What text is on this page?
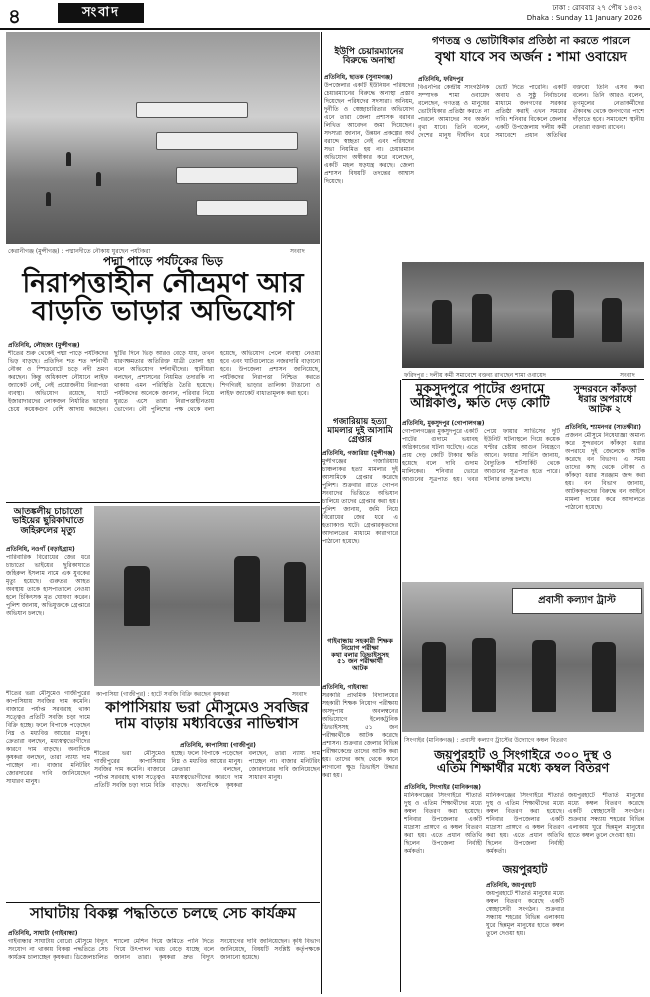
৪	সংবাদ	ঢাকা : রোববার ২৭ পৌষ ১৪৩২
Dhaka : Sunday 11 January 2026
কেরানীগঞ্জ (মুন্সীগঞ্জ) : পদ্মানদীতে নৌকায় ঘুরছেন পর্যটকরা	সংবাদ
পদ্মা পাড়ে পর্যটকের ভিড়
নিরাপত্তাহীন নৌভ্রমণ আর
বাড়তি ভাড়ার অভিযোগ
প্রতিনিধি, লৌহজং (মুন্সীগঞ্জ)
শীতের শুরু থেকেই পদ্মা পাড়ে পর্যটকদের ভিড় বাড়ছে। প্রতিদিন শত শত দর্শনার্থী নৌকা ও স্পিডবোটে চড়ে নদী ভ্রমণ করছেন। কিন্তু অধিকাংশ নৌযানে লাইফ জ্যাকেট নেই, নেই প্রয়োজনীয় নিরাপত্তা ব্যবস্থা। অভিযোগ রয়েছে, ঘাটে ইজারাদারদের লোকজন নির্ধারিত ভাড়ার চেয়ে কয়েকগুণ বেশি আদায় করছেন। ছুটির দিনে ভিড় আরও বেড়ে যায়, তখন ধারণক্ষমতার অতিরিক্ত যাত্রী তোলা হয় বলে অভিযোগ দর্শনার্থীদের। স্থানীয়রা বলছেন, প্রশাসনের নিয়মিত তদারকি না থাকায় এমন পরিস্থিতি তৈরি হয়েছে। পর্যটকদের অনেকে জানান, পরিবার নিয়ে ঘুরতে এসে তারা নিরাপত্তাহীনতায় ভোগেন। নৌ পুলিশের পক্ষ থেকে বলা হয়েছে, অভিযোগ পেলে ব্যবস্থা নেওয়া হবে এবং ঘাটগুলোতে নজরদারি বাড়ানো হবে। উপজেলা প্রশাসন জানিয়েছে, পর্যটকদের নিরাপত্তা নিশ্চিত করতে শিগগিরই ভাড়ার তালিকা টাঙানো ও লাইফ জ্যাকেট বাধ্যতামূলক করা হবে।
ইউপি চেয়ারম্যানের
বিরুদ্ধে অনাস্থা
প্রতিনিধি, ছাতক (সুনামগঞ্জ)
উপজেলার একটি ইউনিয়ন পরিষদের চেয়ারম্যানের বিরুদ্ধে অনাস্থা প্রস্তাব দিয়েছেন পরিষদের সদস্যরা। অনিয়ম, দুর্নীতি ও স্বেচ্ছাচারিতার অভিযোগ এনে তারা জেলা প্রশাসক বরাবর লিখিত আবেদন জমা দিয়েছেন। সদস্যরা জানান, উন্নয়ন প্রকল্পের অর্থ বরাদ্দে স্বচ্ছতা নেই এবং পরিষদের সভা নিয়মিত হয় না। চেয়ারম্যান অভিযোগ অস্বীকার করে বলেছেন, একটি মহল ষড়যন্ত্র করছে। জেলা প্রশাসন বিষয়টি তদন্তের আশ্বাস দিয়েছে।
গণতন্ত্র ও ভোটাধিকার প্রতিষ্ঠা না করতে পারলে
বৃথা যাবে সব অর্জন : শামা ওবায়েদ
প্রতিনিধি, ফরিদপুর
বিএনপির কেন্দ্রীয় সাংগঠনিক সম্পাদক শামা ওবায়েদ বলেছেন, গণতন্ত্র ও মানুষের ভোটাধিকার প্রতিষ্ঠা করতে না পারলে আমাদের সব অর্জন বৃথা যাবে। তিনি বলেন, দেশের মানুষ দীর্ঘদিন ধরে ভোট দিতে পারেনি। একটি অবাধ ও সুষ্ঠু নির্বাচনের মাধ্যমে জনগণের সরকার প্রতিষ্ঠা করাই এখন সময়ের দাবি। শনিবার বিকেলে জেলার একটি উপজেলায় দলীয় কর্মী সমাবেশে প্রধান অতিথির বক্তব্যে তিনি এসব কথা বলেন। তিনি আরও বলেন, তৃণমূলের নেতাকর্মীদের ঐক্যবদ্ধ থেকে জনগণের পাশে দাঁড়াতে হবে। সমাবেশে স্থানীয় নেতারা বক্তব্য রাখেন।
ফরিদপুর : দলীয় কর্মী সমাবেশে বক্তব্য রাখছেন শামা ওবায়েদ	সংবাদ
মুকসুদপুরে পাটের গুদামে
অগ্নিকাণ্ড, ক্ষতি দেড় কোটি
প্রতিনিধি, মুকসুদপুর (গোপালগঞ্জ)
গোপালগঞ্জের মুকসুদপুরে একটি পাটের গুদামে ভয়াবহ অগ্নিকাণ্ডের ঘটনা ঘটেছে। এতে প্রায় দেড় কোটি টাকার ক্ষতি হয়েছে বলে দাবি গুদাম মালিকের। শনিবার ভোরে আগুনের সূত্রপাত হয়। খবর পেয়ে ফায়ার সার্ভিসের দুটি ইউনিট ঘটনাস্থলে গিয়ে কয়েক ঘণ্টার চেষ্টায় আগুন নিয়ন্ত্রণে আনে। ফায়ার সার্ভিস জানায়, বৈদ্যুতিক শর্টসার্কিট থেকে আগুনের সূত্রপাত হতে পারে। ঘটনার তদন্ত চলছে।
সুন্দরবনে কাঁকড়া
ধরার অপরাধে
আটক ২
প্রতিনিধি, শ্যামনগর (সাতক্ষীরা)
প্রজনন মৌসুমে নিষেধাজ্ঞা অমান্য করে সুন্দরবনে কাঁকড়া ধরার অপরাধে দুই জেলেকে আটক করেছে বন বিভাগ। এ সময় তাদের কাছ থেকে নৌকা ও কাঁকড়া ধরার সরঞ্জাম জব্দ করা হয়। বন বিভাগ জানায়, আটককৃতদের বিরুদ্ধে বন আইনে মামলা দায়ের করে আদালতে পাঠানো হয়েছে।
গজারিয়ায় হত্যা
মামলার দুই আসামি
গ্রেপ্তার
প্রতিনিধি, গজারিয়া (মুন্সীগঞ্জ)
মুন্সীগঞ্জের গজারিয়ায় চাঞ্চল্যকর হত্যা মামলার দুই আসামিকে গ্রেপ্তার করেছে পুলিশ। শুক্রবার রাতে গোপন সংবাদের ভিত্তিতে অভিযান চালিয়ে তাদের গ্রেপ্তার করা হয়। পুলিশ জানায়, জমি নিয়ে বিরোধের জের ধরে এ হত্যাকাণ্ড ঘটে। গ্রেপ্তারকৃতদের আদালতের মাধ্যমে কারাগারে পাঠানো হয়েছে।
গাইবান্ধায় সহকারী শিক্ষক
নিয়োগ পরীক্ষা
কথা বলার ডিভাইসসহ
৫১ জন পরীক্ষার্থী
আটক
প্রতিনিধি, গাইবান্ধা
সরকারি প্রাথমিক বিদ্যালয়ের সহকারী শিক্ষক নিয়োগ পরীক্ষায় অসদুপায় অবলম্বনের অভিযোগে ইলেকট্রনিক ডিভাইসসহ ৫১ জন পরীক্ষার্থীকে আটক করেছে প্রশাসন। শুক্রবার জেলার বিভিন্ন পরীক্ষাকেন্দ্রে তাদের আটক করা হয়। তাদের কাছ থেকে কানে লাগানো ক্ষুদ্র ডিভাইস উদ্ধার করা হয়।
আতঙ্কলীয় চাচাতো
ভাইয়ের ছুরিকাঘাতে
জহিরুলের মৃত্যু
প্রতিনিধি, নওগাঁ (বড়াইগ্রাম)
পারিবারিক বিরোধের জের ধরে চাচাতো ভাইয়ের ছুরিকাঘাতে জহিরুল ইসলাম নামে এক যুবকের মৃত্যু হয়েছে। গুরুতর আহত অবস্থায় তাকে হাসপাতালে নেওয়া হলে চিকিৎসক মৃত ঘোষণা করেন। পুলিশ জানায়, অভিযুক্তকে গ্রেপ্তারে অভিযান চলছে।
কাপাসিয়া (গাজীপুর) : হাটে সবজি বিক্রি করছেন কৃষকরা	সংবাদ
কাপাসিয়ায় ভরা মৌসুমেও সবজির
দাম বাড়ায় মধ্যবিত্তের নাভিশ্বাস
প্রতিনিধি, কাপাসিয়া (গাজীপুর)
শীতের ভরা মৌসুমেও গাজীপুরের কাপাসিয়ায় সবজির দাম কমেনি। বাজারে পর্যাপ্ত সরবরাহ থাকা সত্ত্বেও প্রতিটি সবজি চড়া দামে বিক্রি হচ্ছে। ফলে বিপাকে পড়েছেন নিম্ন ও মধ্যবিত্ত আয়ের মানুষ। ক্রেতারা বলছেন, মধ্যস্বত্বভোগীদের কারণে দাম বাড়ছে। অন্যদিকে কৃষকরা বলছেন, তারা ন্যায্য দাম পাচ্ছেন না। বাজার মনিটরিং জোরদারের দাবি জানিয়েছেন সাধারণ মানুষ।
শীতের ভরা মৌসুমেও গাজীপুরের কাপাসিয়ায় সবজির দাম কমেনি। বাজারে পর্যাপ্ত সরবরাহ থাকা সত্ত্বেও প্রতিটি সবজি চড়া দামে বিক্রি হচ্ছে। ফলে বিপাকে পড়েছেন নিম্ন ও মধ্যবিত্ত আয়ের মানুষ। ক্রেতারা বলছেন, মধ্যস্বত্বভোগীদের কারণে দাম বাড়ছে। অন্যদিকে কৃষকরা বলছেন, তারা ন্যায্য দাম পাচ্ছেন না। বাজার মনিটরিং জোরদারের দাবি জানিয়েছেন সাধারণ মানুষ।
প্রবাসী কল্যাণ ট্রাস্ট
সিংগাইর (মানিকগঞ্জ) : প্রবাসী কল্যাণ ট্রাস্টের উদ্যোগে কম্বল বিতরণ
জয়পুরহাট ও সিংগাইরে ৩০০ দুস্থ ও
এতিম শিক্ষার্থীর মধ্যে কম্বল বিতরণ
প্রতিনিধি, সিংগাইর (মানিকগঞ্জ)
মানিকগঞ্জের সিংগাইরে শীতার্ত দুস্থ ও এতিম শিক্ষার্থীদের মধ্যে কম্বল বিতরণ করা হয়েছে। শনিবার উপজেলার একটি মাদ্রাসা প্রাঙ্গণে এ কম্বল বিতরণ করা হয়। এতে প্রধান অতিথি ছিলেন উপজেলা নির্বাহী কর্মকর্তা।
মানিকগঞ্জের সিংগাইরে শীতার্ত দুস্থ ও এতিম শিক্ষার্থীদের মধ্যে কম্বল বিতরণ করা হয়েছে। শনিবার উপজেলার একটি মাদ্রাসা প্রাঙ্গণে এ কম্বল বিতরণ করা হয়। এতে প্রধান অতিথি ছিলেন উপজেলা নির্বাহী কর্মকর্তা।
জয়পুরহাট
প্রতিনিধি, জয়পুরহাট
জয়পুরহাটে শীতার্ত মানুষের মধ্যে কম্বল বিতরণ করেছে একটি স্বেচ্ছাসেবী সংগঠন। শুক্রবার সন্ধ্যায় শহরের বিভিন্ন এলাকায় ঘুরে ছিন্নমূল মানুষের হাতে কম্বল তুলে দেওয়া হয়।
জয়পুরহাটে শীতার্ত মানুষের মধ্যে কম্বল বিতরণ করেছে একটি স্বেচ্ছাসেবী সংগঠন। শুক্রবার সন্ধ্যায় শহরের বিভিন্ন এলাকায় ঘুরে ছিন্নমূল মানুষের হাতে কম্বল তুলে দেওয়া হয়।
সাঘাটায় বিকল্প পদ্ধতিতে চলছে সেচ কার্যক্রম
প্রতিনিধি, সাঘাটা (গাইবান্ধা)
গাইবান্ধার সাঘাটায় বোরো মৌসুমে বিদ্যুৎ সংযোগ না থাকায় বিকল্প পদ্ধতিতে সেচ কার্যক্রম চালাচ্ছেন কৃষকরা। ডিজেলচালিত শ্যালো মেশিন দিয়ে জমিতে পানি দিতে গিয়ে উৎপাদন খরচ বেড়ে যাচ্ছে বলে জানান তারা। কৃষকরা দ্রুত বিদ্যুৎ সংযোগের দাবি জানিয়েছেন। কৃষি বিভাগ জানিয়েছে, বিষয়টি সংশ্লিষ্ট কর্তৃপক্ষকে জানানো হয়েছে।
